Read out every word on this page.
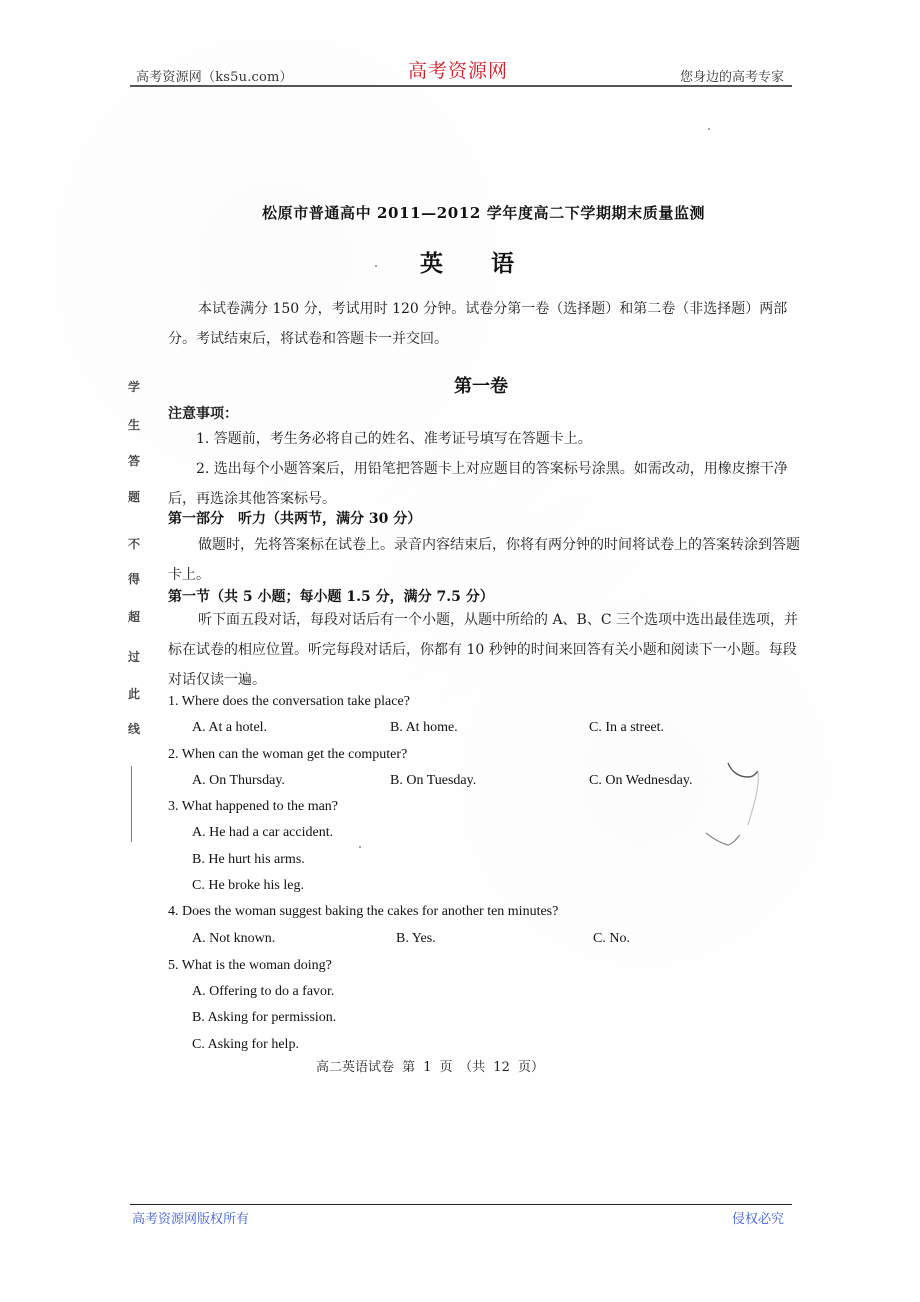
高考资源网（ks5u.com）	高考资源网	您身边的高考专家
松原市普通高中 2011—2012 学年度高二下学期期末质量监测
英语
本试卷满分 150 分，考试用时 120 分钟。试卷分第一卷（选择题）和第二卷（非选择题）两部分。考试结束后，将试卷和答题卡一并交回。
第一卷
注意事项：
1. 答题前，考生务必将自己的姓名、准考证号填写在答题卡上。
2. 选出每个小题答案后，用铅笔把答题卡上对应题目的答案标号涂黑。如需改动，用橡皮擦干净后，再选涂其他答案标号。
第一部分　听力（共两节，满分 30 分）
做题时，先将答案标在试卷上。录音内容结束后，你将有两分钟的时间将试卷上的答案转涂到答题卡上。
第一节（共 5 小题；每小题 1.5 分，满分 7.5 分）
听下面五段对话，每段对话后有一个小题，从题中所给的 A、B、C 三个选项中选出最佳选项，并标在试卷的相应位置。听完每段对话后，你都有 10 秒钟的时间来回答有关小题和阅读下一小题。每段对话仅读一遍。
1. Where does the conversation take place?
A. At a hotel.	B. At home.	C. In a street.
2. When can the woman get the computer?
A. On Thursday.	B. On Tuesday.	C. On Wednesday.
3. What happened to the man?
A. He had a car accident.
B. He hurt his arms.
C. He broke his leg.
4. Does the woman suggest baking the cakes for another ten minutes?
A. Not known.	B. Yes.	C. No.
5. What is the woman doing?
A. Offering to do a favor.
B. Asking for permission.
C. Asking for help.
高二英语试卷 第 1 页　（共 12 页）
学
生
答
题
不
得
超
过
此
线
高考资源网版权所有	侵权必究
